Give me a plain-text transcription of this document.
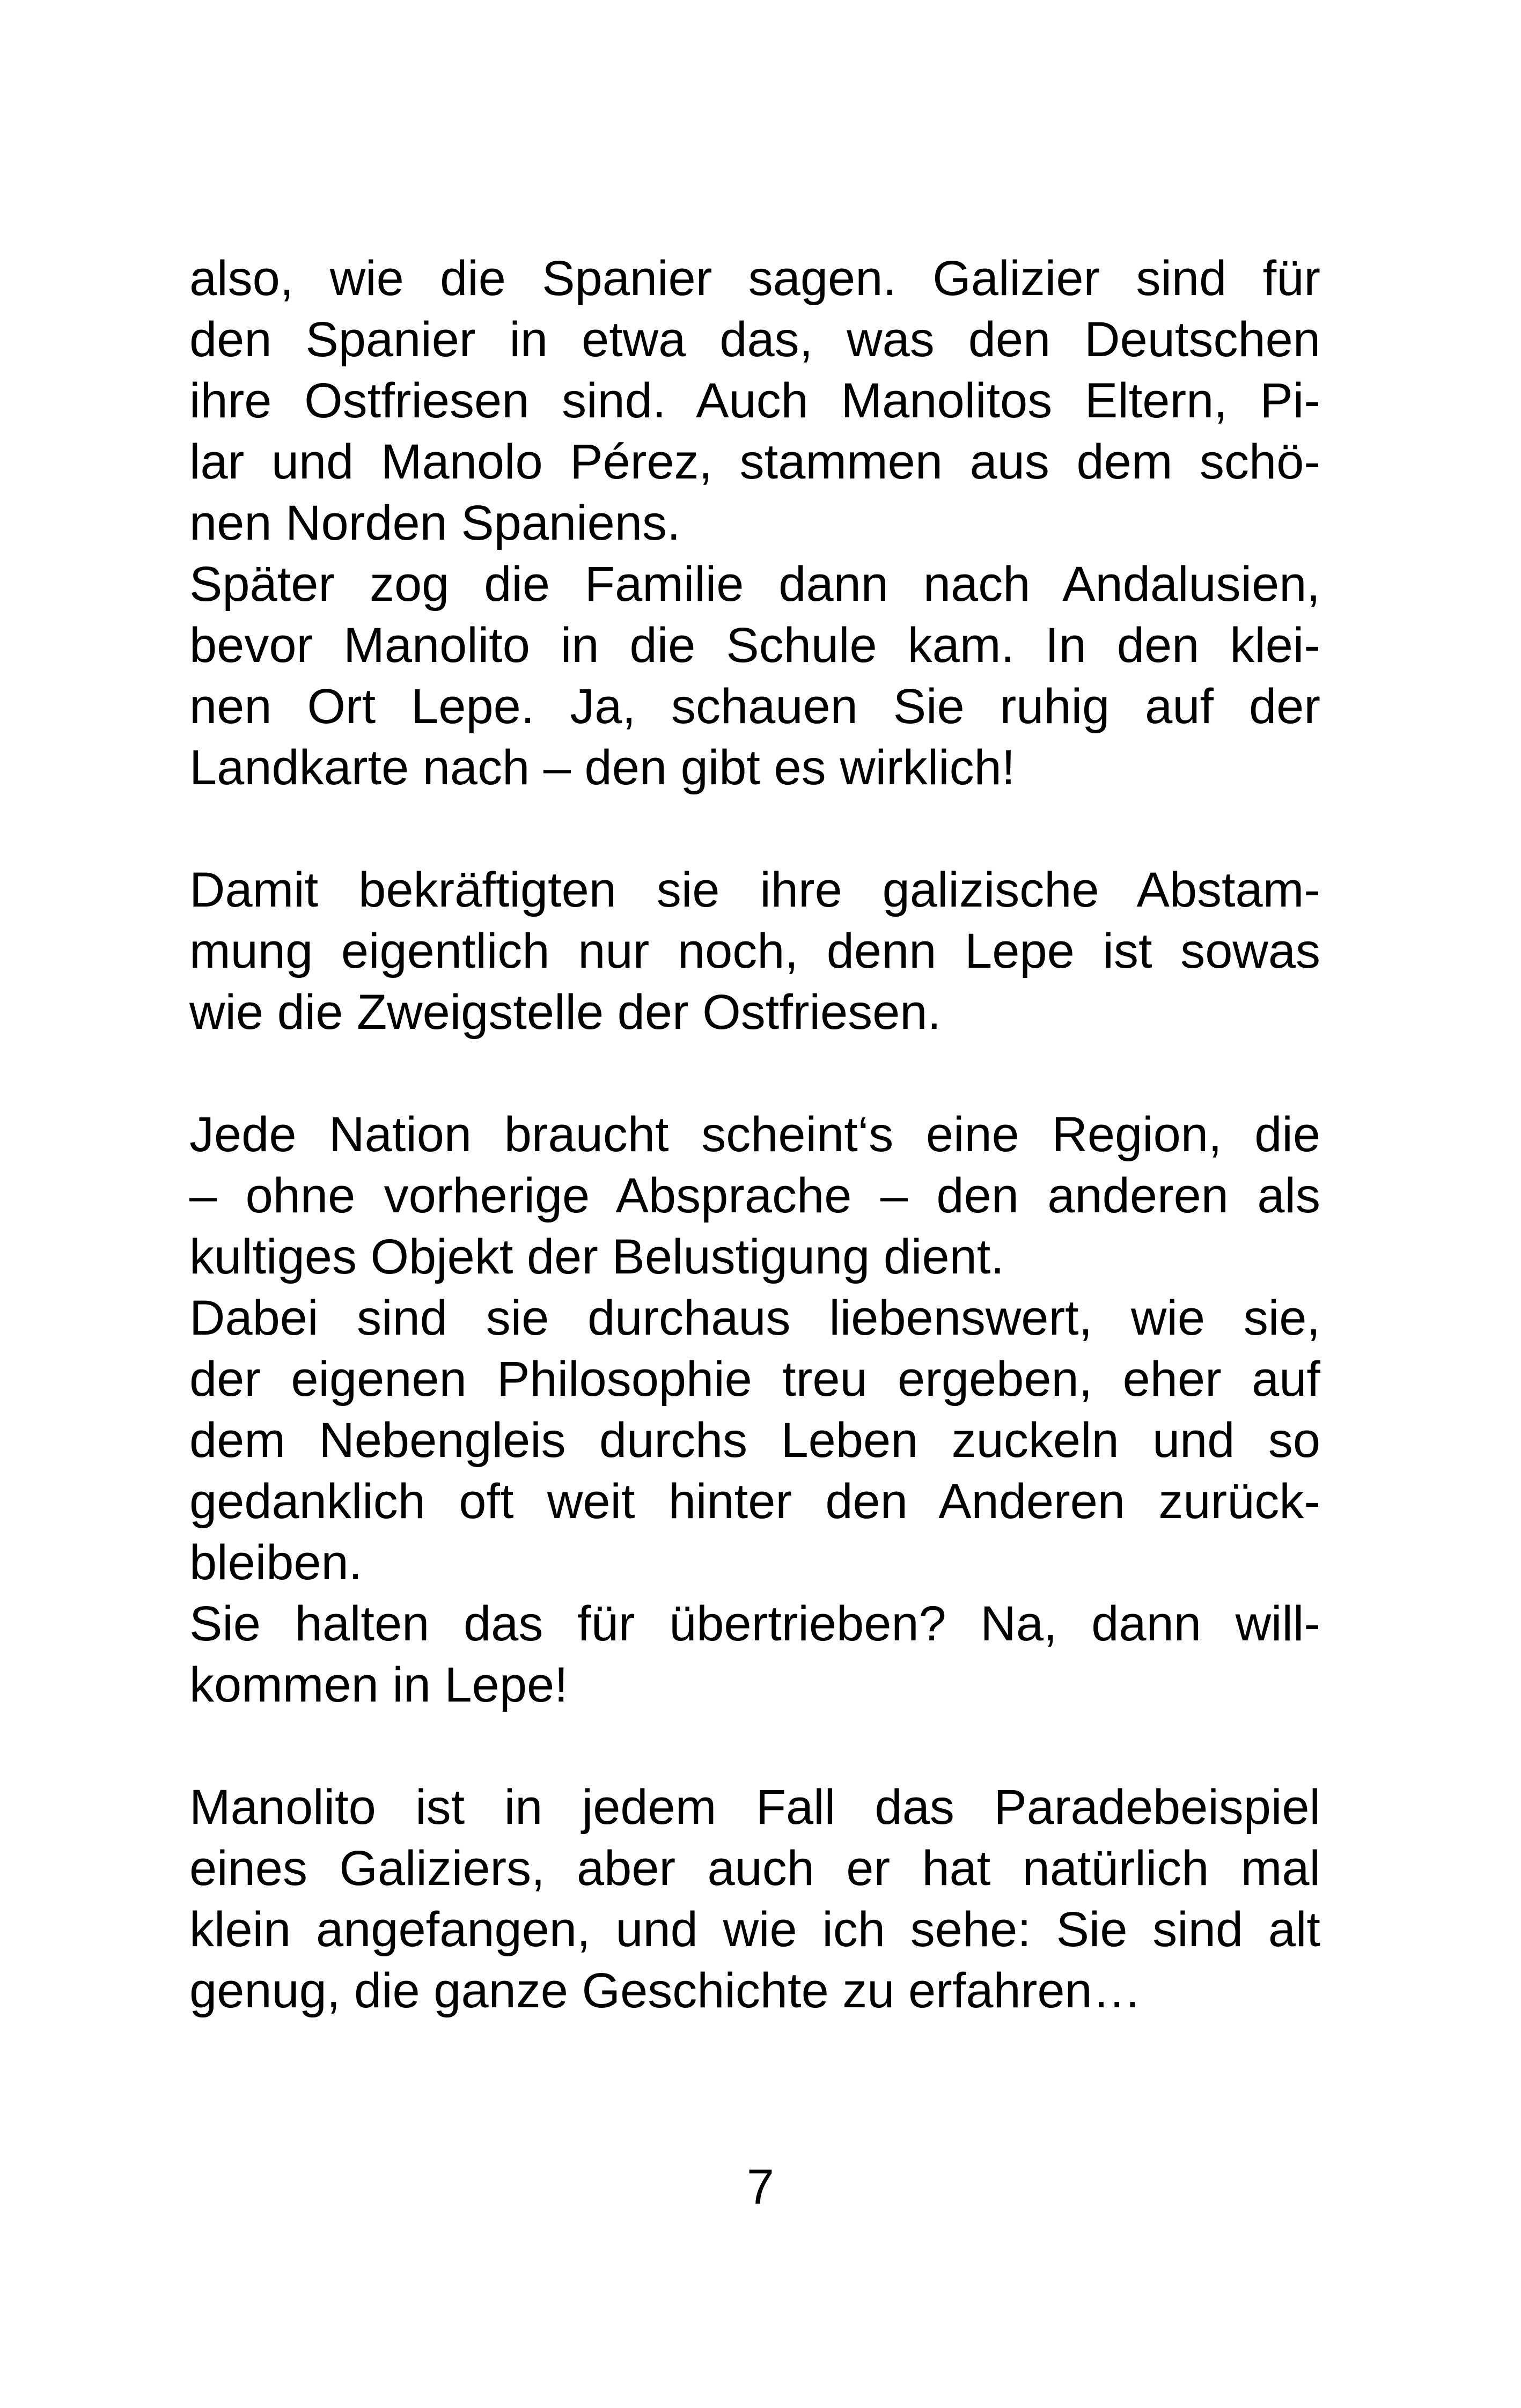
also, wie die Spanier sagen. Galizier sind für
den Spanier in etwa das, was den Deutschen
ihre Ostfriesen sind. Auch Manolitos Eltern, Pi-
lar und Manolo Pérez, stammen aus dem schö-
nen Norden Spaniens.
Später zog die Familie dann nach Andalusien,
bevor Manolito in die Schule kam. In den klei-
nen Ort Lepe. Ja, schauen Sie ruhig auf der
Landkarte nach – den gibt es wirklich!
Damit bekräftigten sie ihre galizische Abstam-
mung eigentlich nur noch, denn Lepe ist sowas
wie die Zweigstelle der Ostfriesen.
Jede Nation braucht scheint‘s eine Region, die
– ohne vorherige Absprache – den anderen als
kultiges Objekt der Belustigung dient.
Dabei sind sie durchaus liebenswert, wie sie,
der eigenen Philosophie treu ergeben, eher auf
dem Nebengleis durchs Leben zuckeln und so
gedanklich oft weit hinter den Anderen zurück-
bleiben.
Sie halten das für übertrieben? Na, dann will-
kommen in Lepe!
Manolito ist in jedem Fall das Paradebeispiel
eines Galiziers, aber auch er hat natürlich mal
klein angefangen, und wie ich sehe: Sie sind alt
genug, die ganze Geschichte zu erfahren…
7
